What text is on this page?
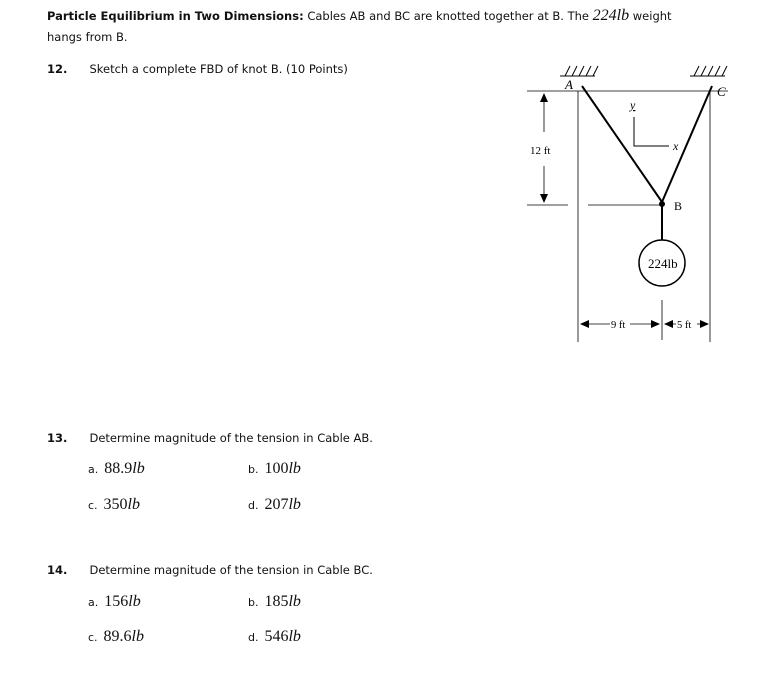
Particle Equilibrium in Two Dimensions: Cables AB and BC are knotted together at B. The 224lb weight
hangs from B.
12. Sketch a complete FBD of knot B. (10 Points)
A	C
B
y
x
12 ft
224lb
9 ft	5 ft
13. Determine magnitude of the tension in Cable AB.
a. 88.9lb	b. 100lb
c. 350lb	d. 207lb
14. Determine magnitude of the tension in Cable BC.
a. 156lb	b. 185lb
c. 89.6lb	d. 546lb
